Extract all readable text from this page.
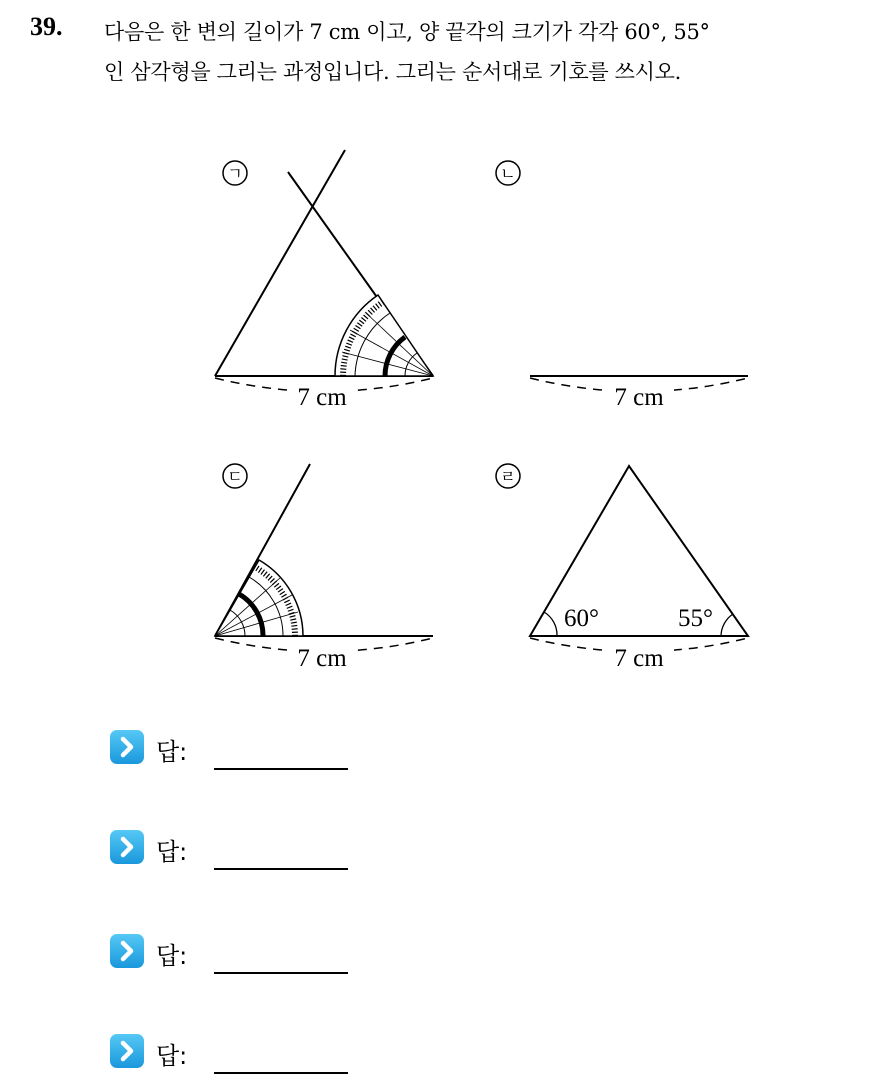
39. 다음은 한 변의 길이가 7 cm 이고, 양 끝각의 크기가 각각 60°, 55°
인 삼각형을 그리는 과정입니다. 그리는 순서대로 기호를 쓰시오.
ㄱ
7 cm
ㄴ
7 cm
ㄷ
7 cm
ㄹ
60°	55°
7 cm
답:
답:
답:
답:
